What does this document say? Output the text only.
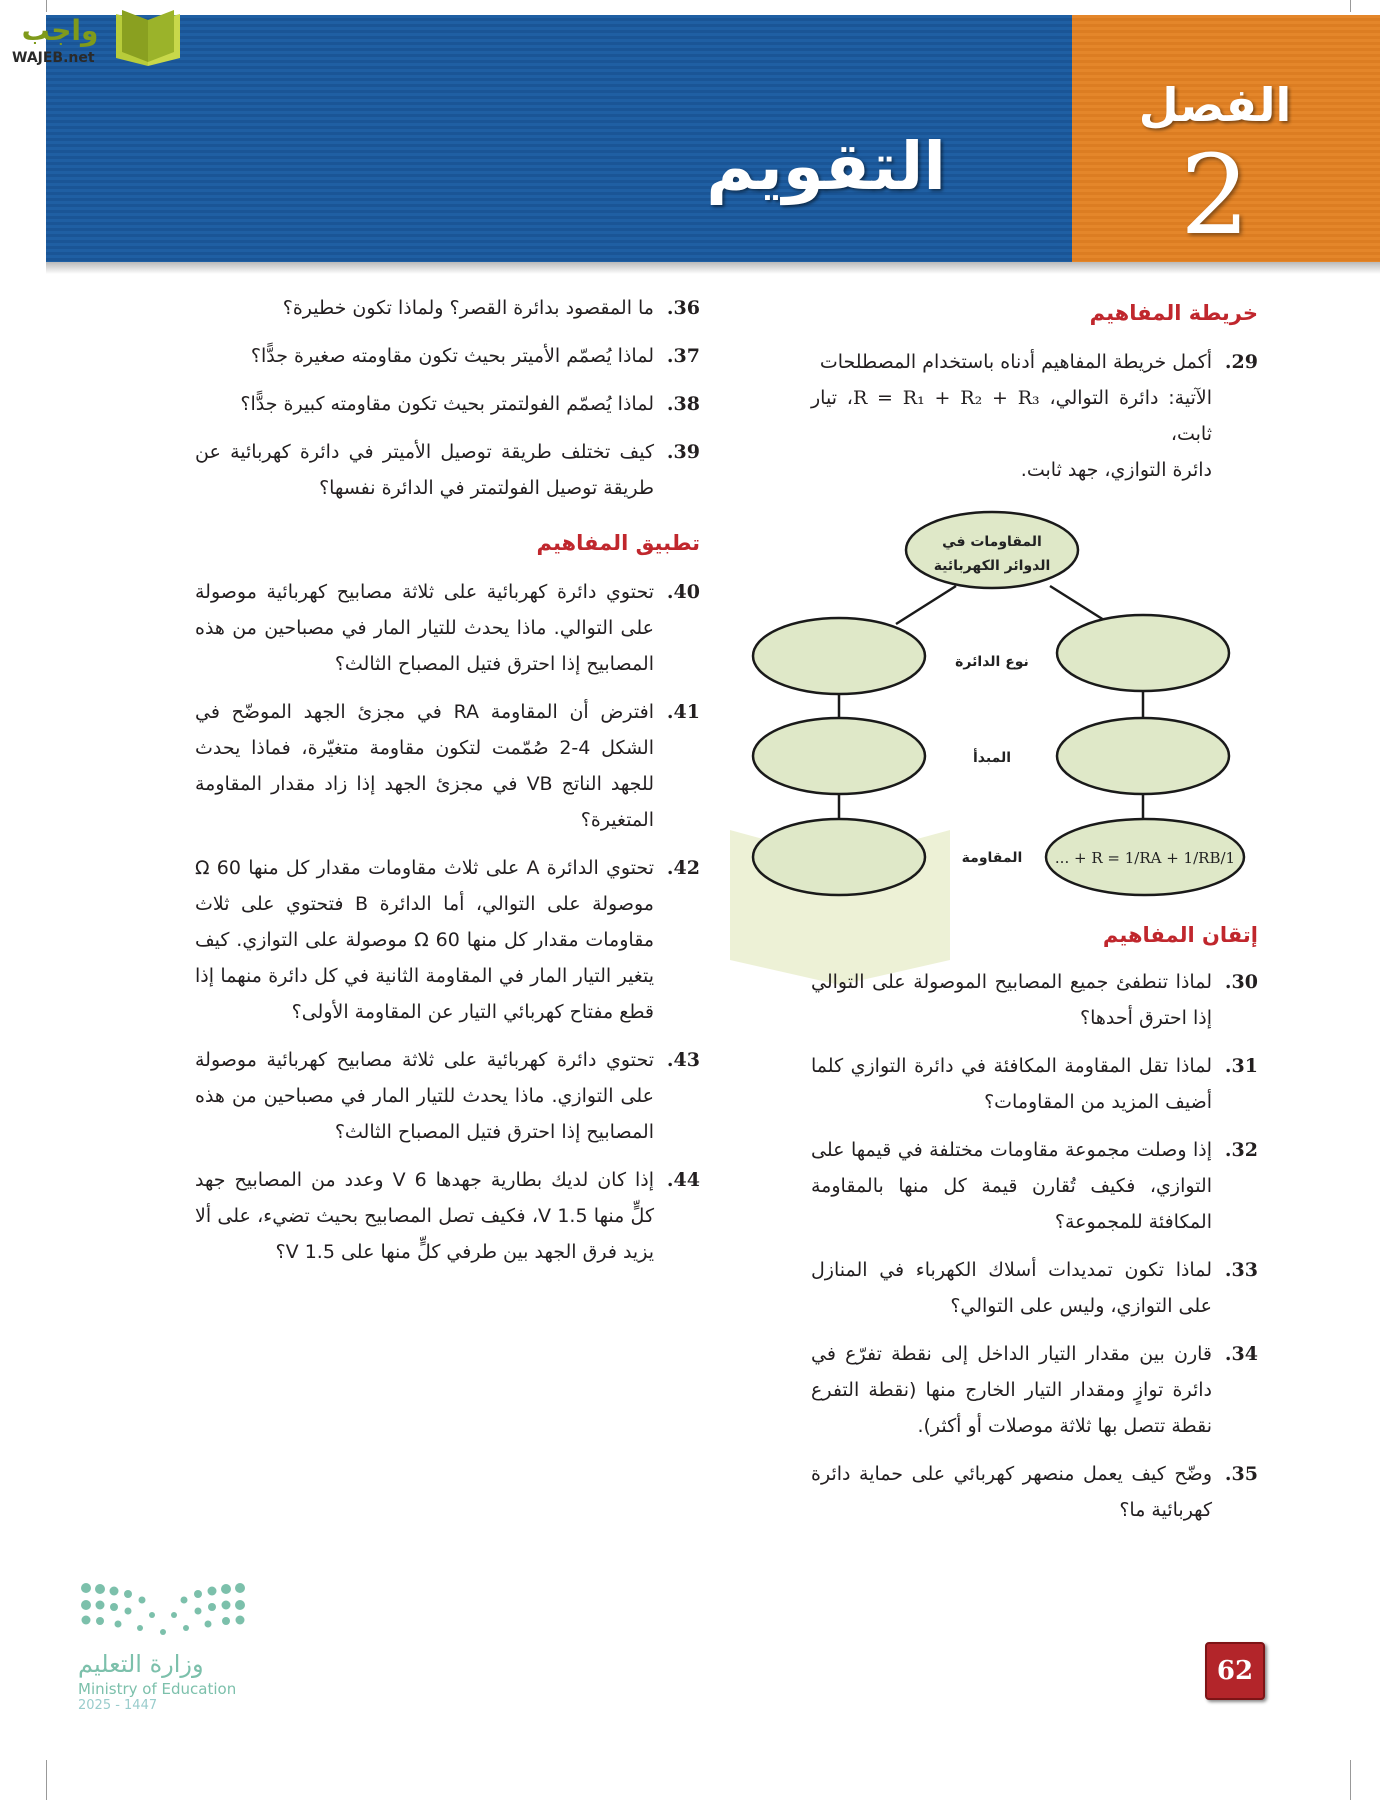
التقويم
الفصل
2
واجب
WAJEB.net
خريطة المفاهيم
29.
أكمل خريطة المفاهيم أدناه باستخدام المصطلحات
الآتية: دائرة التوالي، R = R₁ + R₂ + R₃، تيار ثابت،
دائرة التوازي، جهد ثابت.
المقاومات في
الدوائر الكهربائية
نوع الدائرة
المبدأ
المقاومة 1/R = 1/RA + 1/RB + ...
إتقان المفاهيم
30.
لماذا تنطفئ جميع المصابيح الموصولة على التوالي إذا احترق أحدها؟
31.
لماذا تقل المقاومة المكافئة في دائرة التوازي كلما أضيف المزيد من المقاومات؟
32.
إذا وصلت مجموعة مقاومات مختلفة في قيمها على التوازي، فكيف تُقارن قيمة كل منها بالمقاومة المكافئة للمجموعة؟
33.
لماذا تكون تمديدات أسلاك الكهرباء في المنازل على التوازي، وليس على التوالي؟
34.
قارن بين مقدار التيار الداخل إلى نقطة تفرّع في دائرة توازٍ ومقدار التيار الخارج منها (نقطة التفرع نقطة تتصل بها ثلاثة موصلات أو أكثر).
35.
وضّح كيف يعمل منصهر كهربائي على حماية دائرة كهربائية ما؟
36.
ما المقصود بدائرة القصر؟ ولماذا تكون خطيرة؟
37.
لماذا يُصمّم الأميتر بحيث تكون مقاومته صغيرة جدًّا؟
38.
لماذا يُصمّم الفولتمتر بحيث تكون مقاومته كبيرة جدًّا؟
39.
كيف تختلف طريقة توصيل الأميتر في دائرة كهربائية عن طريقة توصيل الفولتمتر في الدائرة نفسها؟
تطبيق المفاهيم
40.
تحتوي دائرة كهربائية على ثلاثة مصابيح كهربائية موصولة على التوالي. ماذا يحدث للتيار المار في مصباحين من هذه المصابيح إذا احترق فتيل المصباح الثالث؟
41.
افترض أن المقاومة RA في مجزئ الجهد الموضّح في الشكل 4-2 صُمّمت لتكون مقاومة متغيّرة، فماذا يحدث للجهد الناتج VB في مجزئ الجهد إذا زاد مقدار المقاومة المتغيرة؟
42.
تحتوي الدائرة A على ثلاث مقاومات مقدار كل منها Ω 60 موصولة على التوالي، أما الدائرة B فتحتوي على ثلاث مقاومات مقدار كل منها Ω 60 موصولة على التوازي. كيف يتغير التيار المار في المقاومة الثانية في كل دائرة منهما إذا قطع مفتاح كهربائي التيار عن المقاومة الأولى؟
43.
تحتوي دائرة كهربائية على ثلاثة مصابيح كهربائية موصولة على التوازي. ماذا يحدث للتيار المار في مصباحين من هذه المصابيح إذا احترق فتيل المصباح الثالث؟
44.
إذا كان لديك بطارية جهدها 6 V وعدد من المصابيح جهد كلٍّ منها 1.5 V، فكيف تصل المصابيح بحيث تضيء، على ألا يزيد فرق الجهد بين طرفي كلٍّ منها على 1.5 V؟
62
وزارة التعليم
Ministry of Education
2025 - 1447
